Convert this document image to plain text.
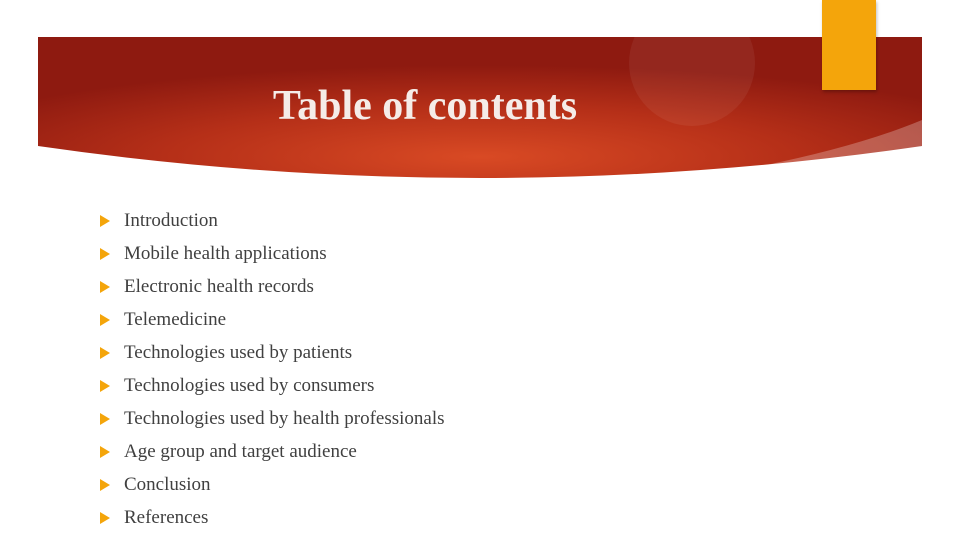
Table of contents
Introduction
Mobile health applications
Electronic health records
Telemedicine
Technologies used by patients
Technologies used by consumers
Technologies used by health professionals
Age group and target audience
Conclusion
References
